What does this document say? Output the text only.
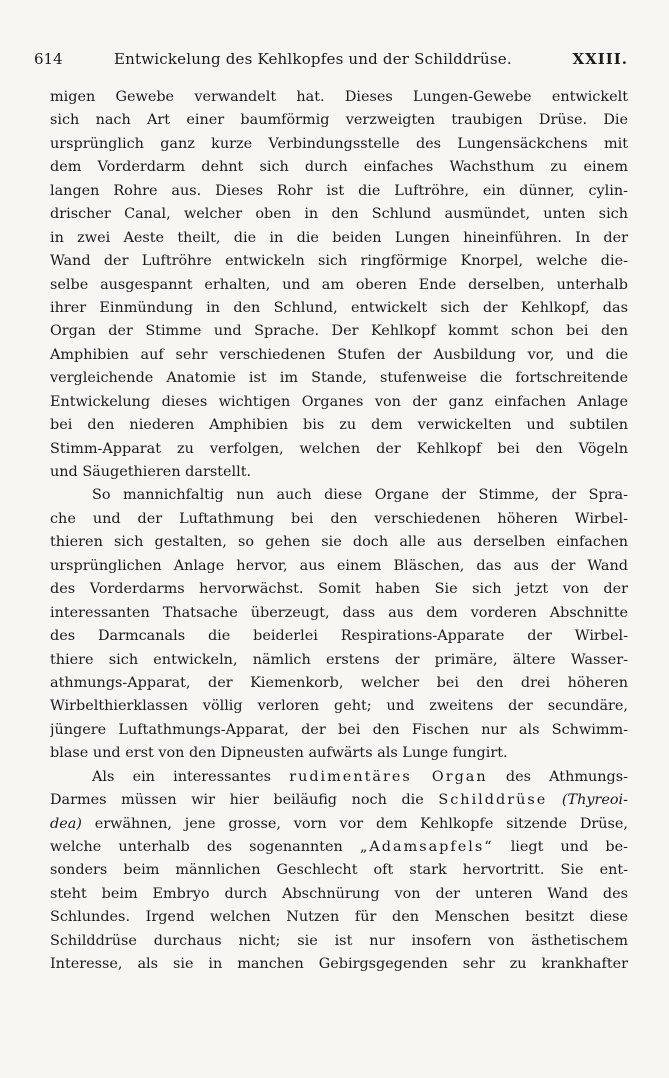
614	Entwickelung des Kehlkopfes und der Schilddrüse.	XXIII.
migen Gewebe verwandelt hat. Dieses Lungen-Gewebe entwickelt
sich nach Art einer baumförmig verzweigten traubigen Drüse. Die
ursprünglich ganz kurze Verbindungsstelle des Lungensäckchens mit
dem Vorderdarm dehnt sich durch einfaches Wachsthum zu einem
langen Rohre aus. Dieses Rohr ist die Luftröhre, ein dünner, cylin-
drischer Canal, welcher oben in den Schlund ausmündet, unten sich
in zwei Aeste theilt, die in die beiden Lungen hineinführen. In der
Wand der Luftröhre entwickeln sich ringförmige Knorpel, welche die-
selbe ausgespannt erhalten, und am oberen Ende derselben, unterhalb
ihrer Einmündung in den Schlund, entwickelt sich der Kehlkopf, das
Organ der Stimme und Sprache. Der Kehlkopf kommt schon bei den
Amphibien auf sehr verschiedenen Stufen der Ausbildung vor, und die
vergleichende Anatomie ist im Stande, stufenweise die fortschreitende
Entwickelung dieses wichtigen Organes von der ganz einfachen Anlage
bei den niederen Amphibien bis zu dem verwickelten und subtilen
Stimm-Apparat zu verfolgen, welchen der Kehlkopf bei den Vögeln
und Säugethieren darstellt.
So mannichfaltig nun auch diese Organe der Stimme, der Spra-
che und der Luftathmung bei den verschiedenen höheren Wirbel-
thieren sich gestalten, so gehen sie doch alle aus derselben einfachen
ursprünglichen Anlage hervor, aus einem Bläschen, das aus der Wand
des Vorderdarms hervorwächst. Somit haben Sie sich jetzt von der
interessanten Thatsache überzeugt, dass aus dem vorderen Abschnitte
des Darmcanals die beiderlei Respirations-Apparate der Wirbel-
thiere sich entwickeln, nämlich erstens der primäre, ältere Wasser-
athmungs-Apparat, der Kiemenkorb, welcher bei den drei höheren
Wirbelthierklassen völlig verloren geht; und zweitens der secundäre,
jüngere Luftathmungs-Apparat, der bei den Fischen nur als Schwimm-
blase und erst von den Dipneusten aufwärts als Lunge fungirt.
Als ein interessantes rudimentäres Organ des Athmungs-
Darmes müssen wir hier beiläufig noch die Schilddrüse (Thyreoi-
dea) erwähnen, jene grosse, vorn vor dem Kehlkopfe sitzende Drüse,
welche unterhalb des sogenannten „Adamsapfels“ liegt und be-
sonders beim männlichen Geschlecht oft stark hervortritt. Sie ent-
steht beim Embryo durch Abschnürung von der unteren Wand des
Schlundes. Irgend welchen Nutzen für den Menschen besitzt diese
Schilddrüse durchaus nicht; sie ist nur insofern von ästhetischem
Interesse, als sie in manchen Gebirgsgegenden sehr zu krankhafter
